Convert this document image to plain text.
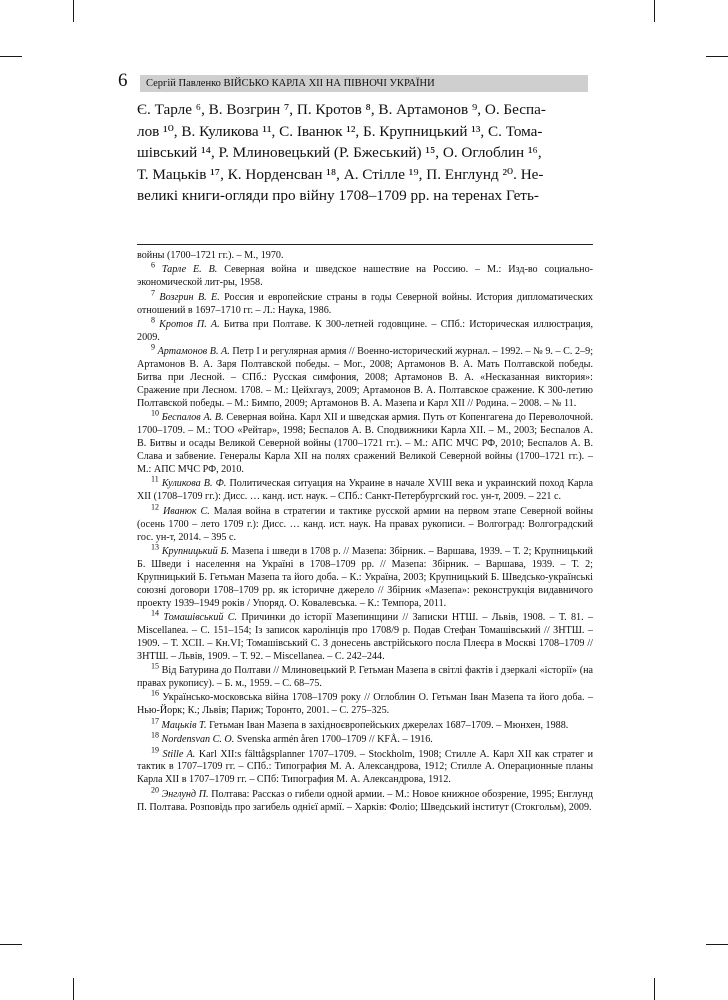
6	Сергій Павленко ВІЙСЬКО КАРЛА ХІІ НА ПІВНОЧІ УКРАЇНИ
Є. Тарле ⁶, В. Возгрин ⁷, П. Кротов ⁸, В. Артамонов ⁹, О. Беспа-
лов ¹⁰, В. Куликова ¹¹, С. Іванюк ¹², Б. Крупницький ¹³, С. Тома-
шівський ¹⁴, Р. Млиновецький (Р. Бжеський) ¹⁵, О. Оглоблин ¹⁶,
Т. Мацьків ¹⁷, К. Норденсван ¹⁸, А. Стілле ¹⁹, П. Енглунд ²⁰. Не-
великі книги-огляди про війну 1708–1709 рр. на теренах Геть-

войны (1700–1721 гг.). – М., 1970.

$^6$ Тарле Е. В. Северная война и шведское нашествие на Россию. – М.: Изд-во социально-экономической лит-ры, 1958.

$^7$ Возгрин В. Е. Россия и европейские страны в годы Северной войны. История дипломатических отношений в 1697–1710 гг. – Л.: Наука, 1986.

$^8$ Кротов П. А. Битва при Полтаве. К 300-летней годовщине. – СПб.: Историческая иллюстрация, 2009.

$^9$ Артамонов В. А. Петр I и регулярная армия // Военно-исторический журнал. – 1992. – № 9. – С. 2–9; Артамонов В. А. Заря Полтавской победы. – Мог., 2008; Артамонов В. А. Мать Полтавской победы. Битва при Лесной. – СПб.: Русская симфония, 2008; Артамонов В. А. «Несказанная виктория»: Сражение при Лесном. 1708. – М.: Цейхгауз, 2009; Артамонов В. А. Полтавское сражение. К 300-летию Полтавской победы. – М.: Бимпо, 2009; Артамонов В. А. Мазепа и Карл XII // Родина. – 2008. – № 11.

$^{10}$ Беспалов А. В. Северная война. Карл XII и шведская армия. Путь от Копенгагена до Переволочной. 1700–1709. – М.: ТОО «Рейтар», 1998; Беспалов А. В. Сподвижники Карла XII. – М., 2003; Беспалов А. В. Битвы и осады Великой Северной войны (1700–1721 гг.). – М.: АПС МЧС РФ, 2010; Беспалов А. В. Слава и забвение. Генералы Карла XII на полях сражений Великой Северной войны (1700–1721 гг.). – М.: АПС МЧС РФ, 2010.

$^{11}$ Куликова В. Ф. Политическая ситуация на Украине в начале XVIII века и украинский поход Карла XII (1708–1709 гг.): Дисс. … канд. ист. наук. – СПб.: Санкт-Петербургский гос. ун-т, 2009. – 221 с.

$^{12}$ Иванюк С. Малая война в стратегии и тактике русской армии на первом этапе Северной войны (осень 1700 – лето 1709 г.): Дисс. … канд. ист. наук. На правах рукописи. – Волгоград: Волгоградский гос. ун-т, 2014. – 395 с.

$^{13}$ Крупницький Б. Мазепа і шведи в 1708 р. // Мазепа: Збірник. – Варшава, 1939. – Т. 2; Крупницький Б. Шведи і населення на Україні в 1708–1709 рр. // Мазепа: Збірник. – Варшава, 1939. – Т. 2; Крупницький Б. Гетьман Мазепа та його доба. – К.: Україна, 2003; Крупницький Б. Шведсько-українські союзні договори 1708–1709 рр. як історичне джерело // Збірник «Мазепа»: реконструкція видавничого проекту 1939–1949 років / Упоряд. О. Ковалевська. – К.: Темпора, 2011.

$^{14}$ Томашівський С. Причинки до історії Мазепинщини // Записки НТШ. – Львів, 1908. – Т. 81. – Miscellanea. – С. 151–154; Із записок каролінців про 1708/9 р. Подав Стефан Томашівський // ЗНТШ. – 1909. – Т. ХСІІ. – Кн.VI; Томашівський С. З донесень австрійського посла Плеєра в Москві 1708–1709 // ЗНТШ. – Львів, 1909. – Т. 92. – Miscellanea. – С. 242–244.

$^{15}$ Від Батурина до Полтави // Млиновецький Р. Гетьман Мазепа в світлі фактів і дзеркалі «історії» (на правах рукопису). – Б. м., 1959. – С. 68–75.

$^{16}$ Українсько-московська війна 1708–1709 року // Оглоблин О. Гетьман Іван Мазепа та його доба. – Нью-Йорк; К.; Львів; Париж; Торонто, 2001. – С. 275–325.

$^{17}$ Мацьків Т. Гетьман Іван Мазепа в західноєвропейських джерелах 1687–1709. – Мюнхен, 1988.

$^{18}$ Nordensvan C. O. Svenska armén åren 1700–1709 // KFÅ. – 1916.

$^{19}$ Stille A. Karl XII:s fälttågsplanner 1707–1709. – Stockholm, 1908; Стилле А. Карл XII как стратег и тактик в 1707–1709 гг. – СПб.: Типография М. А. Александрова, 1912; Стилле А. Операционные планы Карла XII в 1707–1709 гг. – СПб: Типография М. А. Александрова, 1912.

$^{20}$ Энглунд П. Полтава: Рассказ о гибели одной армии. – М.: Новое книжное обозрение, 1995; Енглунд П. Полтава. Розповідь про загибель однієї армії. – Харків: Фоліо; Шведський інститут (Стокгольм), 2009.
